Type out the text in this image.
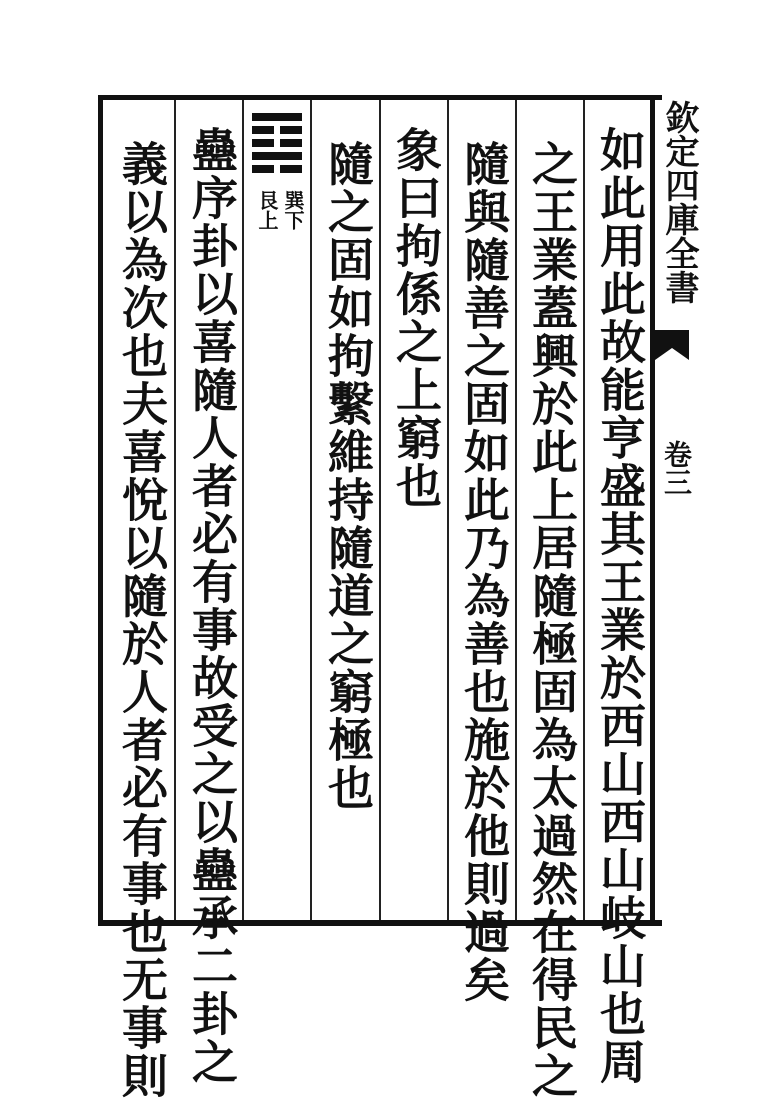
欽定四庫全書
卷三
如此用此故能亨盛其王業於西山西山岐山也周
之王業蓋興於此上居隨極固為太過然在得民之
隨與隨善之固如此乃為善也施於他則過矣
象曰拘係之上窮也
隨之固如拘繫維持隨道之窮極也
巽下
艮上
蠱序卦以喜隨人者必有事故受之以蠱承二卦之
義以為次也夫喜悅以隨於人者必有事也无事則
